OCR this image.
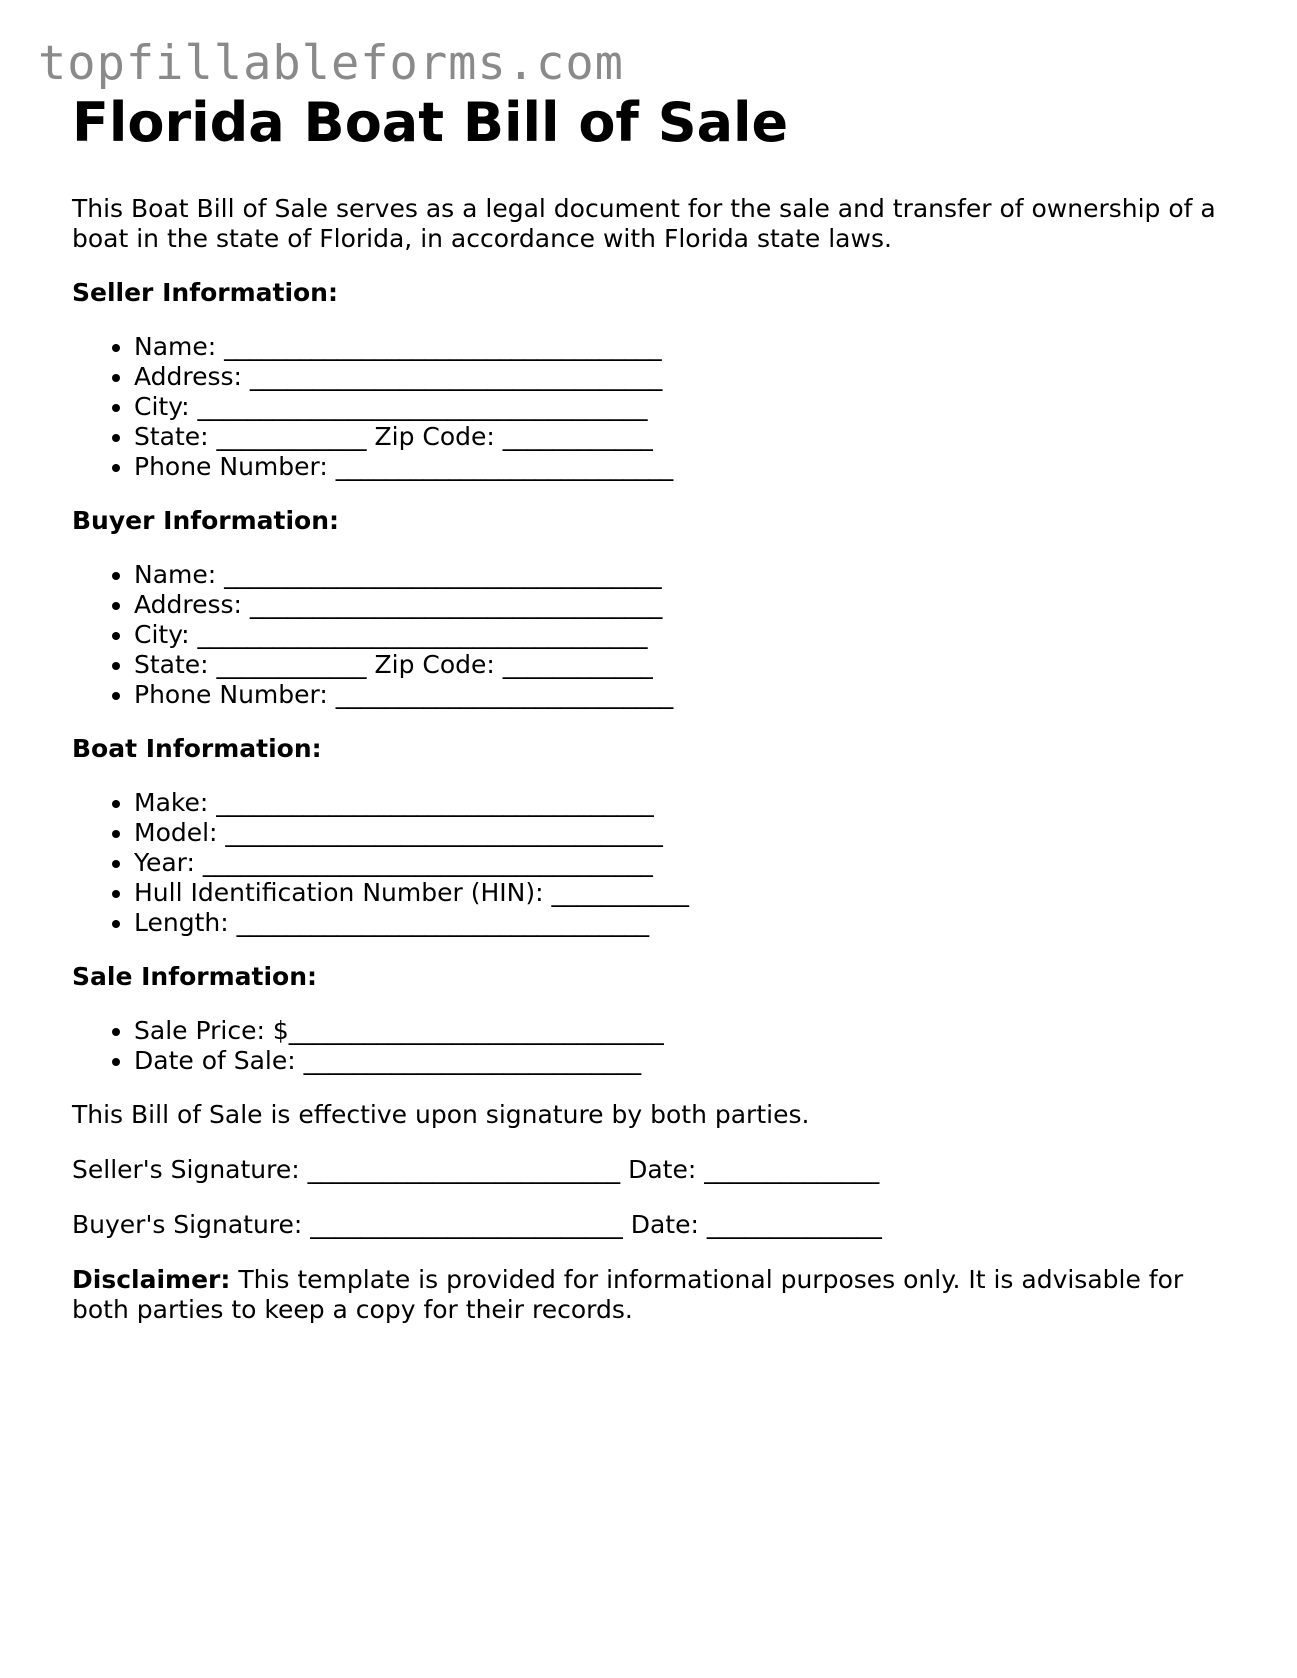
topfillableforms.com
Florida Boat Bill of Sale

This Boat Bill of Sale serves as a legal document for the sale and transfer of ownership of a boat in the state of Florida, in accordance with Florida state laws.

Seller Information:
• Name: ___________________________________
• Address: _________________________________
• City: ____________________________________
• State: ____________ Zip Code: ____________
• Phone Number: ___________________________
Buyer Information:
• Name: ___________________________________
• Address: _________________________________
• City: ____________________________________
• State: ____________ Zip Code: ____________
• Phone Number: ___________________________
Boat Information:
• Make: ___________________________________
• Model: ___________________________________
• Year: ____________________________________
• Hull Identification Number (HIN): ___________
• Length: _________________________________
Sale Information:
• Sale Price: $______________________________
• Date of Sale: ___________________________

This Bill of Sale is effective upon signature by both parties.

Seller's Signature: _________________________ Date: ______________

Buyer's Signature: _________________________ Date: ______________

Disclaimer: This template is provided for informational purposes only. It is advisable for both parties to keep a copy for their records.
